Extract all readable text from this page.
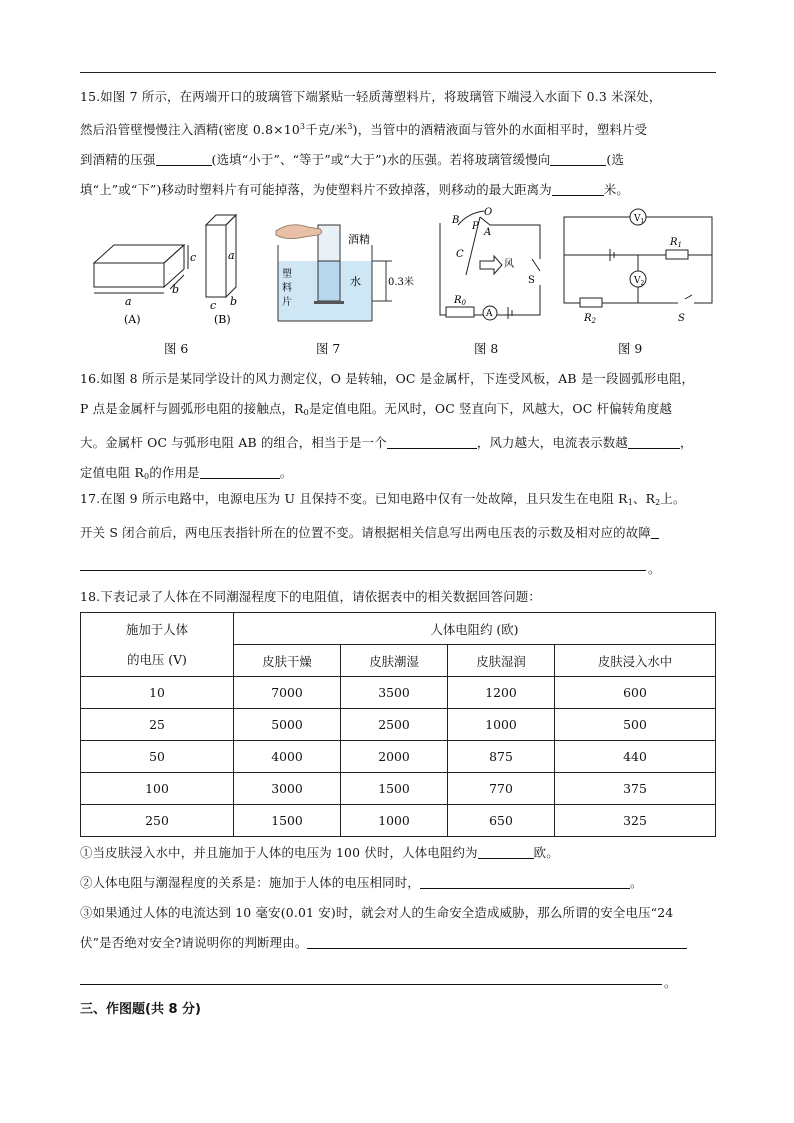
15.如图 7 所示，在两端开口的玻璃管下端紧贴一轻质薄塑料片，将玻璃管下端浸入水面下 0.3 米深处，
然后沿管壁慢慢注入酒精(密度 $0.8\times 10^3$千克/米$^3$)，当管中的酒精液面与管外的水面相平时，塑料片受
到酒精的压强	(选填“小于”、“等于”或“大于”)水的压强。若将玻璃管缓慢向	(选
填“上”或“下”)移动时塑料片有可能掉落，为使塑料片不致掉落，则移动的最大距离为	米。
a
b
c
(A)
a
c b
(B)
酒精
水	0.3米
塑
料
片
B
O
P
A
C
风
S
$R_0$
A
$V_1$
$V_2$
$R_1$
$R_2$	S
图 6	图 7	图 8	图 9
16.如图 8 所示是某同学设计的风力测定仪，O 是转轴，OC 是金属杆，下连受风板，AB 是一段圆弧形电阻，
P 点是金属杆与圆弧形电阻的接触点，$R_0$是定值电阻。无风时，OC 竖直向下，风越大，OC 杆偏转角度越
大。金属杆 OC 与弧形电阻 AB 的组合，相当于是一个	，风力越大，电流表示数越	，
定值电阻 $R_0$的作用是	。
17.在图 9 所示电路中，电源电压为 U 且保持不变。已知电路中仅有一处故障，且只发生在电阻 $R_1$、$R_2$上。
开关 S 闭合前后，两电压表指针所在的位置不变。请根据相关信息写出两电压表的示数及相对应的故障
。
18.下表记录了人体在不同潮湿程度下的电阻值，请依据表中的相关数据回答问题：
施加于人体
的电压 (V)	人体电阻约 (欧)			
	皮肤干燥	皮肤潮湿	皮肤湿润	皮肤浸入水中
10	7000	3500	1200	600
25	5000	2500	1000	500
50	4000	2000	875	440
100	3000	1500	770	375
250	1500	1000	650	325
①当皮肤浸入水中，并且施加于人体的电压为 100 伏时，人体电阻约为	欧。
②人体电阻与潮湿程度的关系是：施加于人体的电压相同时，	。
③如果通过人体的电流达到 10 毫安(0.01 安)时，就会对人的生命安全造成威胁，那么所谓的安全电压“24
伏”是否绝对安全?请说明你的判断理由。
。
三、作图题(共 8 分)
